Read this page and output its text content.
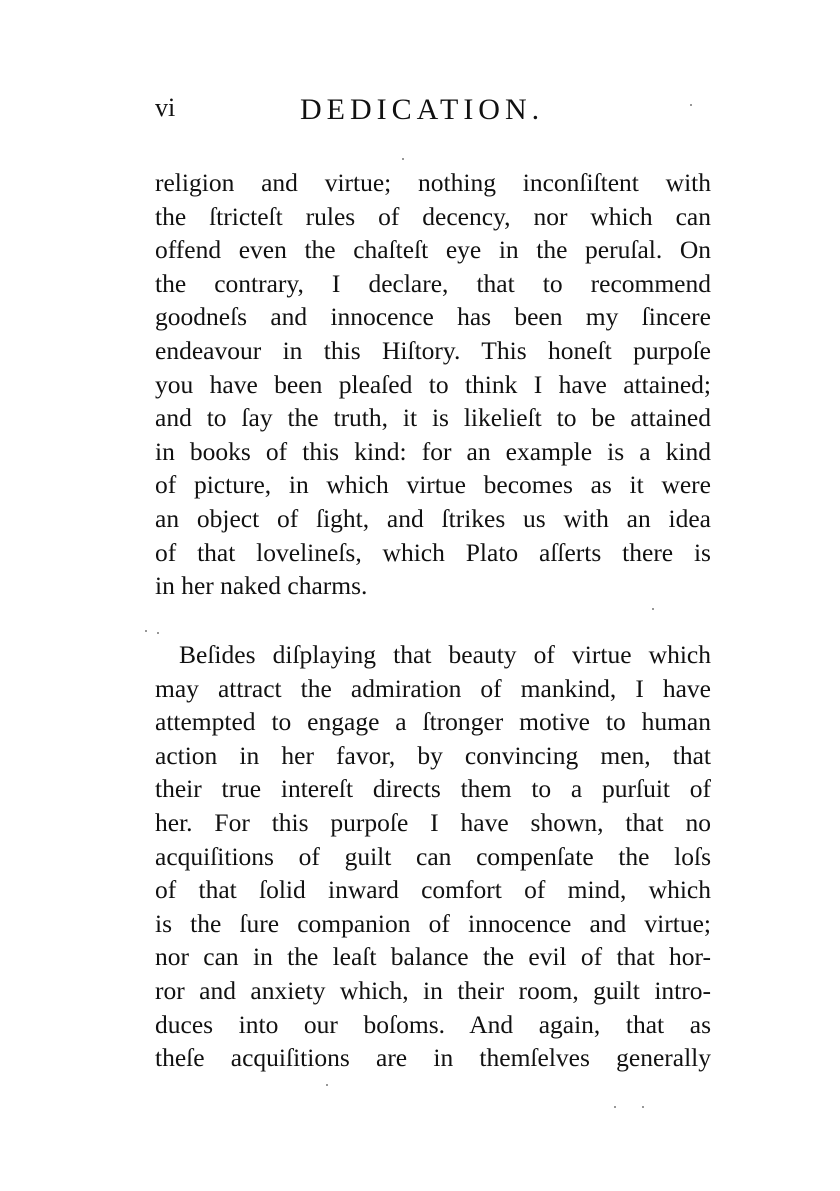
vi	DEDICATION.
religion and virtue; nothing inconſiſtent with
the ſtricteſt rules of decency, nor which can
offend even the chaſteſt eye in the peruſal. On
the contrary, I declare, that to recommend
goodneſs and innocence has been my ſincere
endeavour in this Hiſtory. This honeſt purpoſe
you have been pleaſed to think I have attained;
and to ſay the truth, it is likelieſt to be attained
in books of this kind: for an example is a kind
of picture, in which virtue becomes as it were
an object of ſight, and ſtrikes us with an idea
of that lovelineſs, which Plato aſſerts there is
in her naked charms.
Beſides diſplaying that beauty of virtue which
may attract the admiration of mankind, I have
attempted to engage a ſtronger motive to human
action in her favor, by convincing men, that
their true intereſt directs them to a purſuit of
her. For this purpoſe I have shown, that no
acquiſitions of guilt can compenſate the loſs
of that ſolid inward comfort of mind, which
is the ſure companion of innocence and virtue;
nor can in the leaſt balance the evil of that hor-
ror and anxiety which, in their room, guilt intro-
duces into our boſoms. And again, that as
theſe acquiſitions are in themſelves generally
